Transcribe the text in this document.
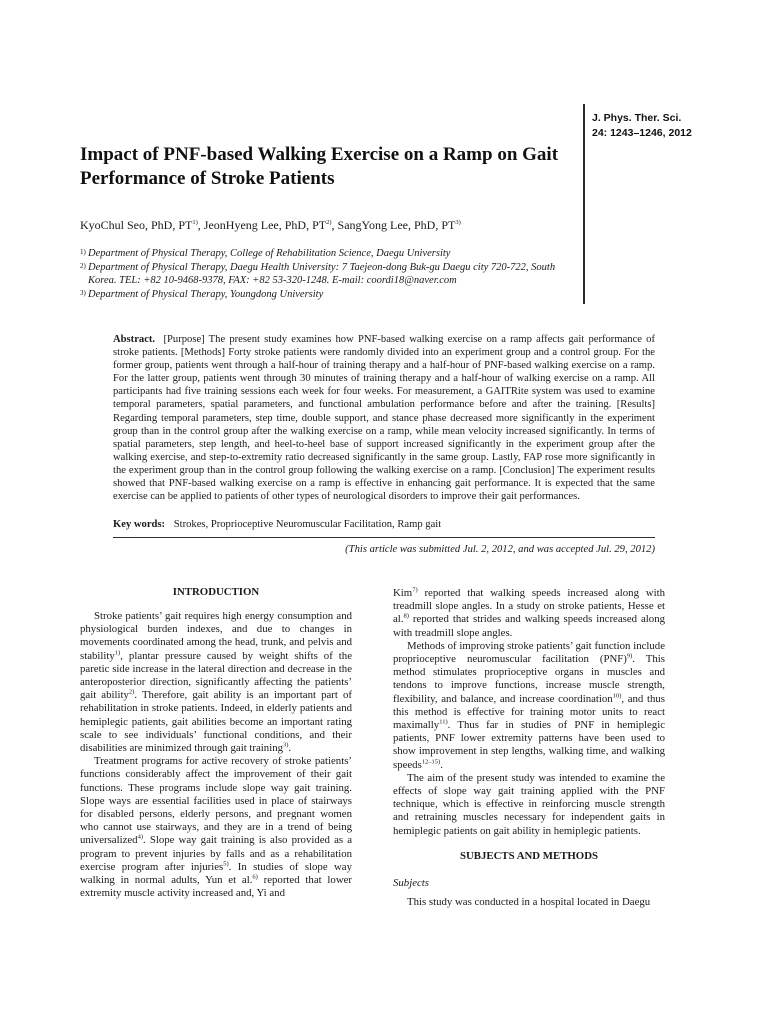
J. Phys. Ther. Sci.
24: 1243–1246, 2012
Impact of PNF-based Walking Exercise on a Ramp on Gait Performance of Stroke Patients
KyoChul Seo, PhD, PT$^{1)}$, JeonHyeng Lee, PhD, PT$^{2)}$, SangYong Lee, PhD, PT$^{3)}$
1) Department of Physical Therapy, College of Rehabilitation Science, Daegu University
2) Department of Physical Therapy, Daegu Health University: 7 Taejeon-dong Buk-gu Daegu city 720-722, South Korea. TEL: +82 10-9468-9378, FAX: +82 53-320-1248. E-mail: coordi18@naver.com
3) Department of Physical Therapy, Youngdong University
Abstract. [Purpose] The present study examines how PNF-based walking exercise on a ramp affects gait performance of stroke patients. [Methods] Forty stroke patients were randomly divided into an experiment group and a control group. For the former group, patients went through a half-hour of training therapy and a half-hour of PNF-based walking exercise on a ramp. For the latter group, patients went through 30 minutes of training therapy and a half-hour of walking exercise on a ramp. All participants had five training sessions each week for four weeks. For measurement, a GAITRite system was used to examine temporal parameters, spatial parameters, and functional ambulation performance before and after the training. [Results] Regarding temporal parameters, step time, double support, and stance phase decreased more significantly in the experiment group than in the control group after the walking exercise on a ramp, while mean velocity increased significantly. In terms of spatial parameters, step length, and heel-to-heel base of support increased significantly in the experiment group after the walking exercise, and step-to-extremity ratio decreased significantly in the same group. Lastly, FAP rose more significantly in the experiment group than in the control group following the walking exercise on a ramp. [Conclusion] The experiment results showed that PNF-based walking exercise on a ramp is effective in enhancing gait performance. It is expected that the same exercise can be applied to patients of other types of neurological disorders to improve their gait performances.
Key words: Strokes, Proprioceptive Neuromuscular Facilitation, Ramp gait
(This article was submitted Jul. 2, 2012, and was accepted Jul. 29, 2012)

INTRODUCTION

Stroke patients’ gait requires high energy consumption and physiological burden indexes, and due to changes in movements coordinated among the head, trunk, and pelvis and stability$^{1)}$, plantar pressure caused by weight shifts of the paretic side increase in the lateral direction and decrease in the anteroposterior direction, significantly affecting the patients’ gait ability$^{2)}$. Therefore, gait ability is an important part of rehabilitation in stroke patients. Indeed, in elderly patients and hemiplegic patients, gait abilities become an important rating scale to see individuals’ functional conditions, and their disabilities are minimized through gait training$^{3)}$.

Treatment programs for active recovery of stroke patients’ functions considerably affect the improvement of their gait functions. These programs include slope way gait training. Slope ways are essential facilities used in place of stairways for disabled persons, elderly persons, and pregnant women who cannot use stairways, and they are in a trend of being universalized$^{4)}$. Slope way gait training is also provided as a program to prevent injuries by falls and as a rehabilitation exercise program after injuries$^{5)}$. In studies of slope way walking in normal adults, Yun et al.$^{6)}$ reported that lower extremity muscle activity increased and, Yi and

Kim$^{7)}$ reported that walking speeds increased along with treadmill slope angles. In a study on stroke patients, Hesse et al.$^{8)}$ reported that strides and walking speeds increased along with treadmill slope angles.

Methods of improving stroke patients’ gait function include proprioceptive neuromuscular facilitation (PNF)$^{9)}$. This method stimulates proprioceptive organs in muscles and tendons to improve functions, increase muscle strength, flexibility, and balance, and increase coordination$^{10)}$, and thus this method is effective for training motor units to react maximally$^{11)}$. Thus far in studies of PNF in hemiplegic patients, PNF lower extremity patterns have been used to show improvement in step lengths, walking time, and walking speeds$^{12-15)}$.

The aim of the present study was intended to examine the effects of slope way gait training applied with the PNF technique, which is effective in reinforcing muscle strength and retraining muscles necessary for independent gaits in hemiplegic patients on gait ability in hemiplegic patients.

SUBJECTS AND METHODS

Subjects

This study was conducted in a hospital located in Daegu
